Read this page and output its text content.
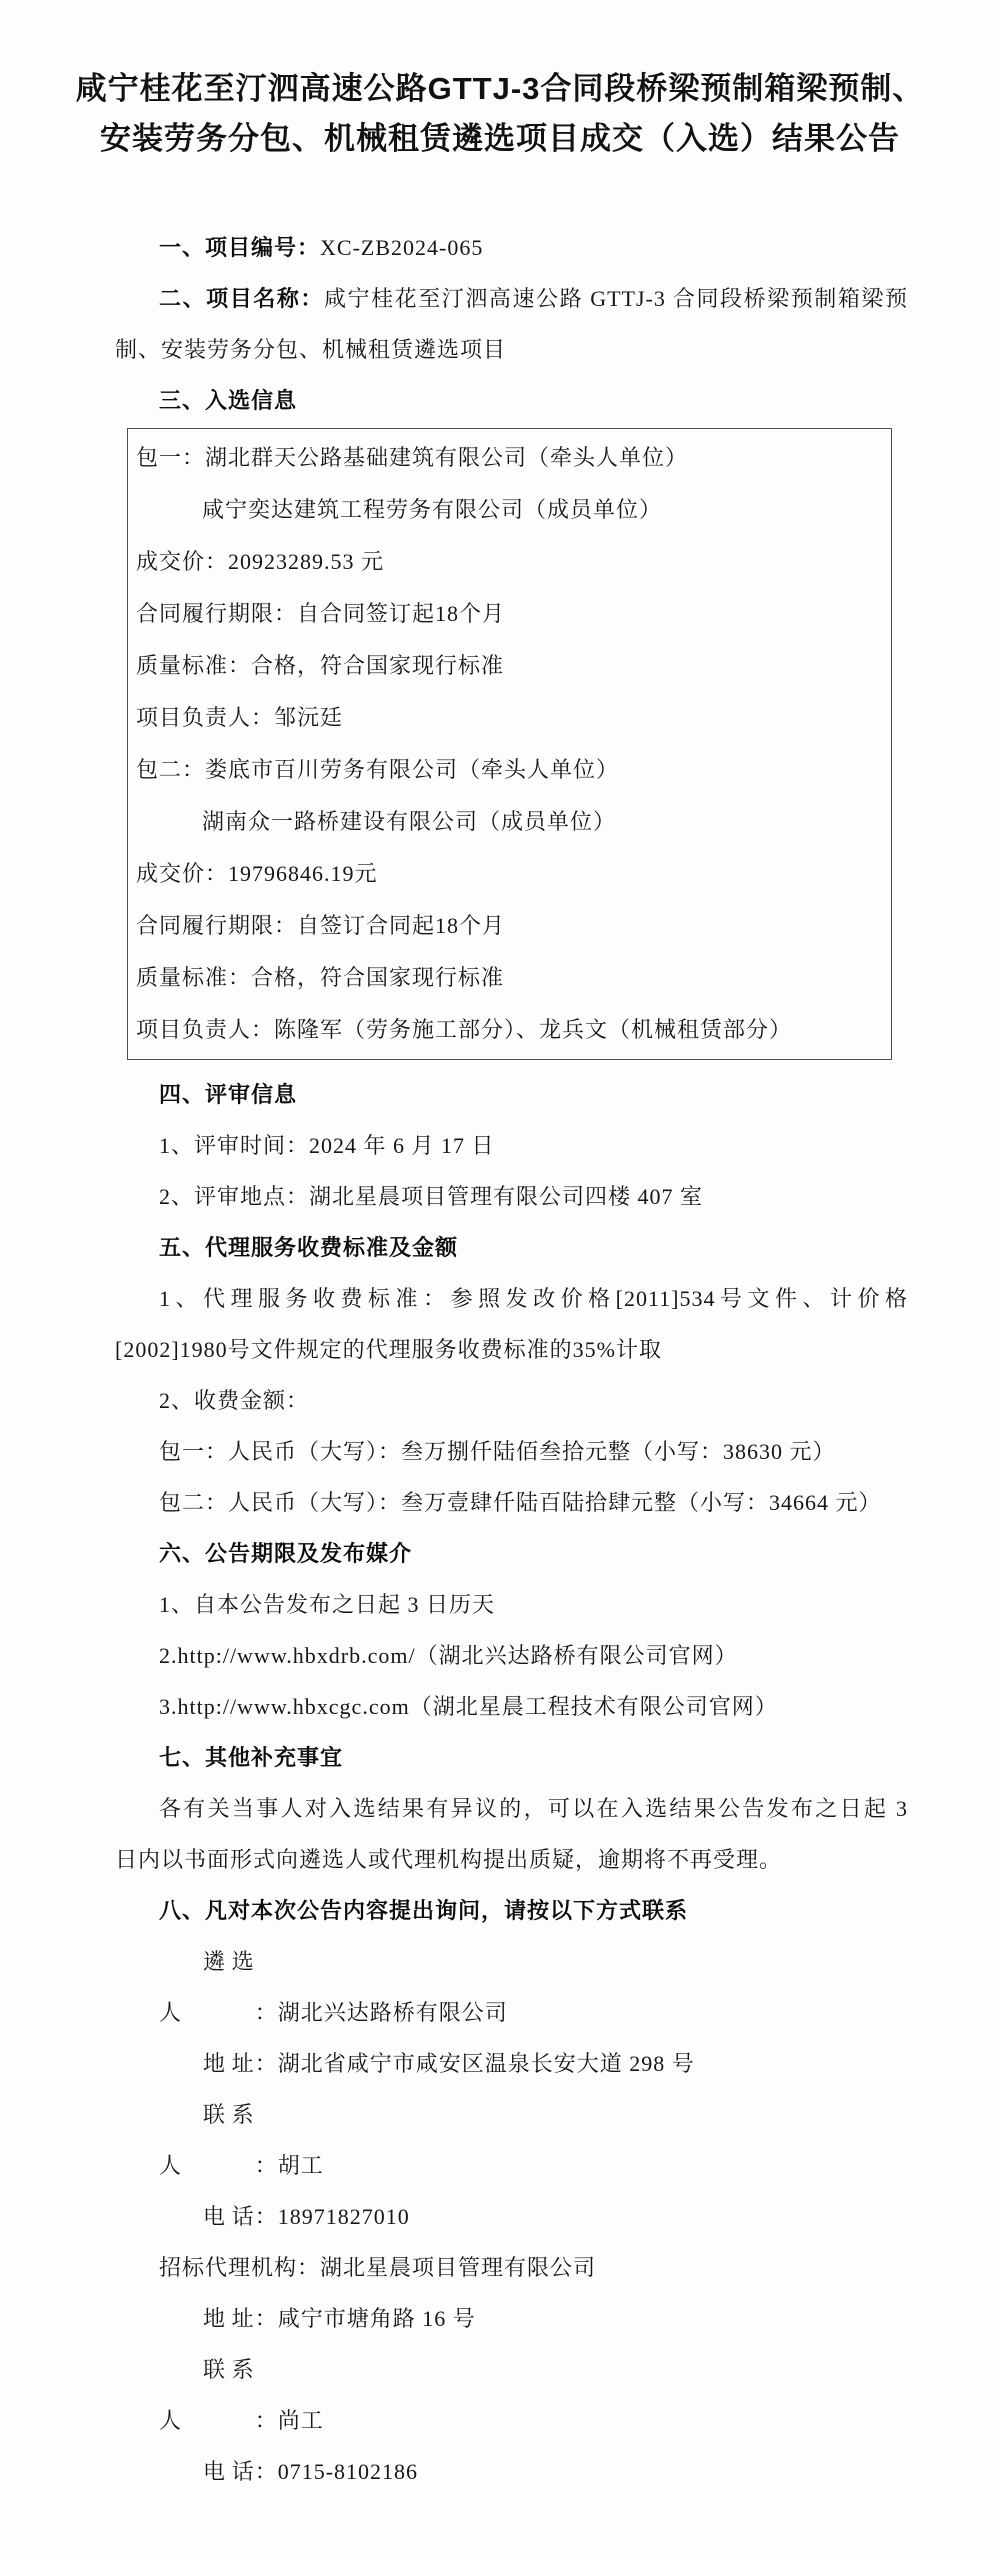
咸宁桂花至汀泗高速公路GTTJ-3合同段桥梁预制箱梁预制、
安装劳务分包、机械租赁遴选项目成交（入选）结果公告

一、项目编号：XC-ZB2024-065

二、项目名称：咸宁桂花至汀泗高速公路 GTTJ-3 合同段桥梁预制箱梁预

制、安装劳务分包、机械租赁遴选项目

三、入选信息

包一：湖北群天公路基础建筑有限公司（牵头人单位）

咸宁奕达建筑工程劳务有限公司（成员单位）

成交价：20923289.53 元

合同履行期限：自合同签订起18个月

质量标准：合格，符合国家现行标准

项目负责人：邹沅廷

包二：娄底市百川劳务有限公司（牵头人单位）

湖南众一路桥建设有限公司（成员单位）

成交价：19796846.19元

合同履行期限：自签订合同起18个月

质量标准：合格，符合国家现行标准

项目负责人：陈隆军（劳务施工部分）、龙兵文（机械租赁部分）

四、评审信息

1、评审时间：2024 年 6 月 17 日

2、评审地点：湖北星晨项目管理有限公司四楼 407 室

五、代理服务收费标准及金额

1、代理服务收费标准：参照发改价格[2011]534号文件、计价格

[2002]1980号文件规定的代理服务收费标准的35%计取

2、收费金额：

包一：人民币（大写）：叁万捌仟陆佰叁拾元整（小写：38630 元）

包二：人民币（大写）：叁万壹肆仟陆百陆拾肆元整（小写：34664 元）

六、公告期限及发布媒介

1、自本公告发布之日起 3 日历天

2.http://www.hbxdrb.com/（湖北兴达路桥有限公司官网）

3.http://www.hbxcgc.com（湖北星晨工程技术有限公司官网）

七、其他补充事宜

各有关当事人对入选结果有异议的，可以在入选结果公告发布之日起 3

日内以书面形式向遴选人或代理机构提出质疑，逾期将不再受理。

八、凡对本次公告内容提出询问，请按以下方式联系

遴选人	：湖北兴达路桥有限公司

地址：湖北省咸宁市咸安区温泉长安大道 298 号

联系人	：胡工

电话：18971827010

招标代理机构：湖北星晨项目管理有限公司

地址：咸宁市塘角路 16 号

联系人	：尚工

电话：0715-8102186
